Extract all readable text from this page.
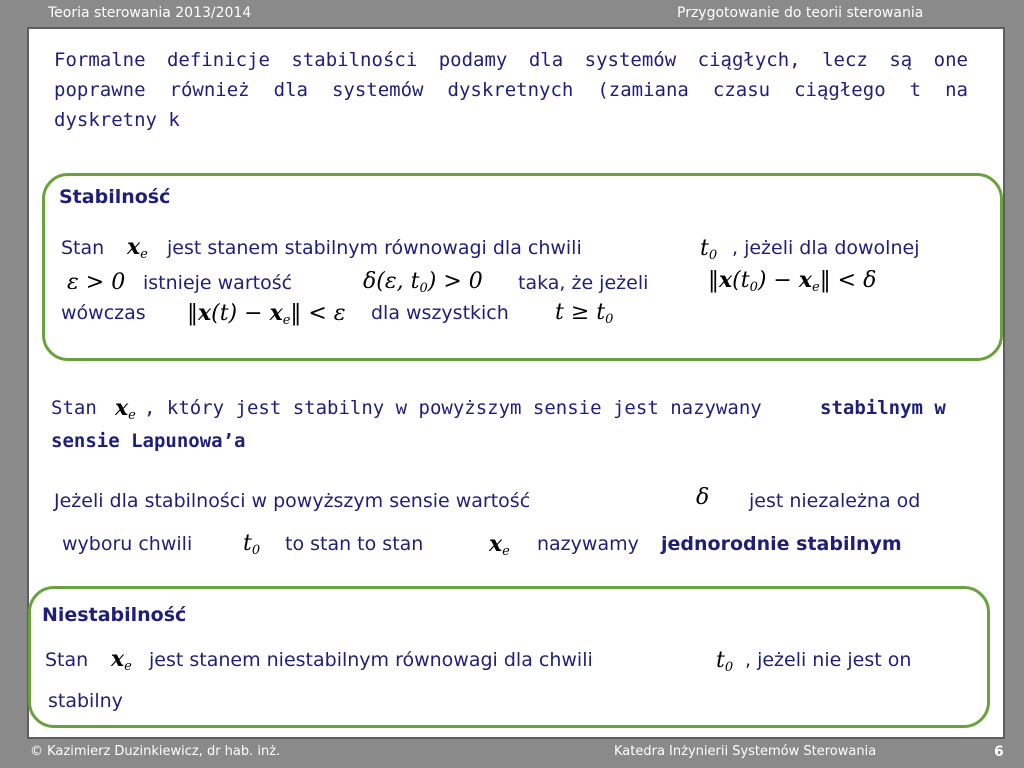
Teoria sterowania 2013/2014	Przygotowanie do teorii sterowania
Formalne definicje stabilności podamy dla systemów ciągłych, lecz są one poprawne również dla systemów dyskretnych (zamiana czasu ciągłego t na dyskretny k
Stabilność
Stan $x_e$ jest stanem stabilnym równowagi dla chwili	$t_0$ , jeżeli dla dowolnej
ε > 0 istnieje wartość	δ(ε, $t_0) > 0$ taka, że jeżeli	$‖x(t_0)$ − $x_e‖ < \delta$
wówczas ‖x(t) − $x_e‖ < \varepsilon$ dla wszystkich $t \ge t_0$
Stan $x_e$ , który jest stabilny w powyższym sensie jest nazywany	stabilnym w
sensie Lapunowa’a
Jeżeli dla stabilności w powyższym sensie wartość	δ jest niezależna od
wyboru chwili $t_0$ to stan to stan	$x_e$ nazywamy jednorodnie stabilnym
Niestabilność
Stan $x_e$ jest stanem niestabilnym równowagi dla chwili	$t_0$ , jeżeli nie jest on
stabilny
© Kazimierz Duzinkiewicz, dr hab. inż.	Katedra Inżynierii Systemów Sterowania	6
